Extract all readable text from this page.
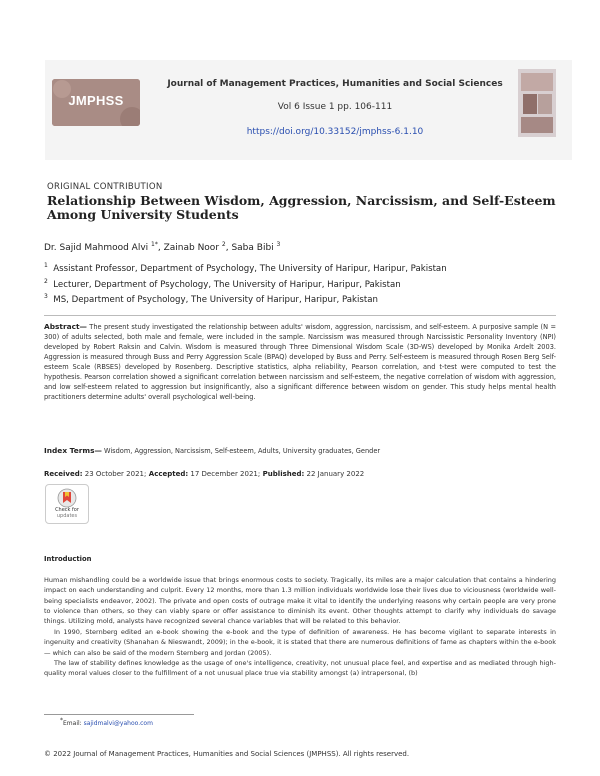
JMPHSS
Journal of Management Practices, Humanities and Social Sciences
Vol 6 Issue 1 pp. 106-111
https://doi.org/10.33152/jmphss-6.1.10
ORIGINAL CONTRIBUTION
Relationship Between Wisdom, Aggression, Narcissism, and Self-Esteem Among University Students
Dr. Sajid Mahmood Alvi $^{1*}$, Zainab Noor $^2$, Saba Bibi $^3$
$^1$ Assistant Professor, Department of Psychology, The University of Haripur, Haripur, Pakistan
$^2$ Lecturer, Department of Psychology, The University of Haripur, Haripur, Pakistan
$^3$ MS, Department of Psychology, The University of Haripur, Haripur, Pakistan
Abstract— The present study investigated the relationship between adults' wisdom, aggression, narcissism, and self-esteem. A purposive sample (N = 300) of adults selected, both male and female, were included in the sample. Narcissism was measured through Narcissistic Personality Inventory (NPI) developed by Robert Raksin and Calvin. Wisdom is measured through Three Dimensional Wisdom Scale (3D-WS) developed by Monika Ardelt 2003. Aggression is measured through Buss and Perry Aggression Scale (BPAQ) developed by Buss and Perry. Self-esteem is measured through Rosen Berg Self-esteem Scale (RBSES) developed by Rosenberg. Descriptive statistics, alpha reliability, Pearson correlation, and t-test were computed to test the hypothesis. Pearson correlation showed a significant correlation between narcissism and self-esteem, the negative correlation of wisdom with aggression, and low self-esteem related to aggression but insignificantly, also a significant difference between wisdom on gender. This study helps mental health practitioners determine adults' overall psychological well-being.
Index Terms— Wisdom, Aggression, Narcissism, Self-esteem, Adults, University graduates, Gender
Received: 23 October 2021; Accepted: 17 December 2021; Published: 22 January 2022
Check for
updates
Introduction
Human mishandling could be a worldwide issue that brings enormous costs to society. Tragically, its miles are a major calculation that contains a hindering impact on each understanding and culprit. Every 12 months, more than 1.3 million individuals worldwide lose their lives due to viciousness (worldwide well-being specialists endeavor, 2002). The private and open costs of outrage make it vital to identify the underlying reasons why certain people are very prone to violence than others, so they can viably spare or offer assistance to diminish its event. Other thoughts attempt to clarify why individuals do savage things. Utilizing mold, analysts have recognized several chance variables that will be related to this behavior.
In 1990, Sternberg edited an e-book showing the e-book and the type of definition of awareness. He has become vigilant to separate interests in ingenuity and creativity (Shanahan & Nieswandt, 2009); in the e-book, it is stated that there are numerous definitions of fame as chapters within the e-book — which can also be said of the modern Sternberg and Jordan (2005).
The law of stability defines knowledge as the usage of one's intelligence, creativity, not unusual place feel, and expertise and as mediated through high-quality moral values closer to the fulfillment of a not unusual place true via stability amongst (a) intrapersonal, (b)
*Email: sajidmalvi@yahoo.com
© 2022 Journal of Management Practices, Humanities and Social Sciences (JMPHSS). All rights reserved.
